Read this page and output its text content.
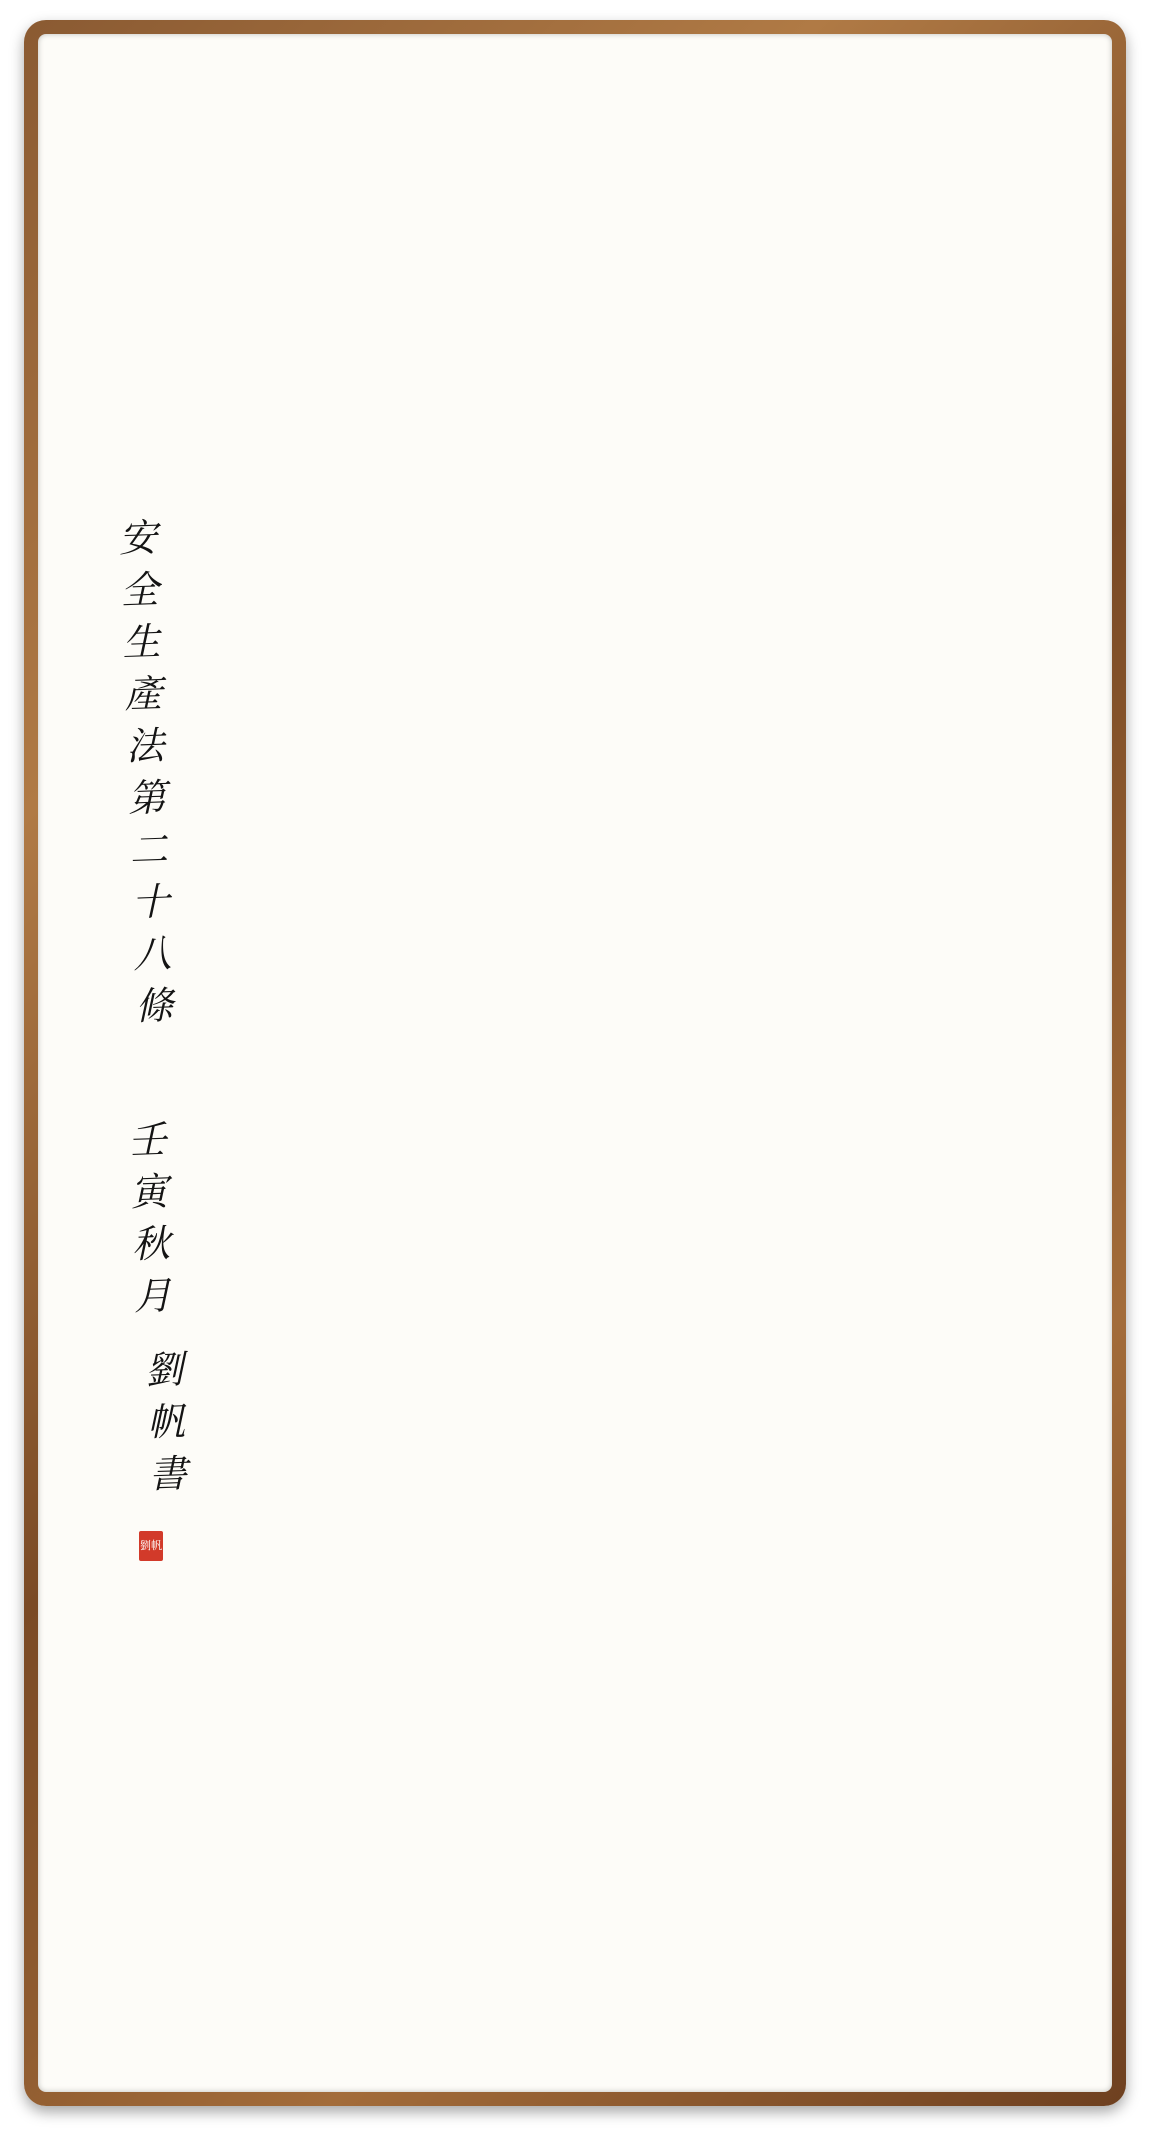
安
全
生
產
法
第
二
十
八
條
壬
寅
秋
月
劉
帆
書
劉帆
